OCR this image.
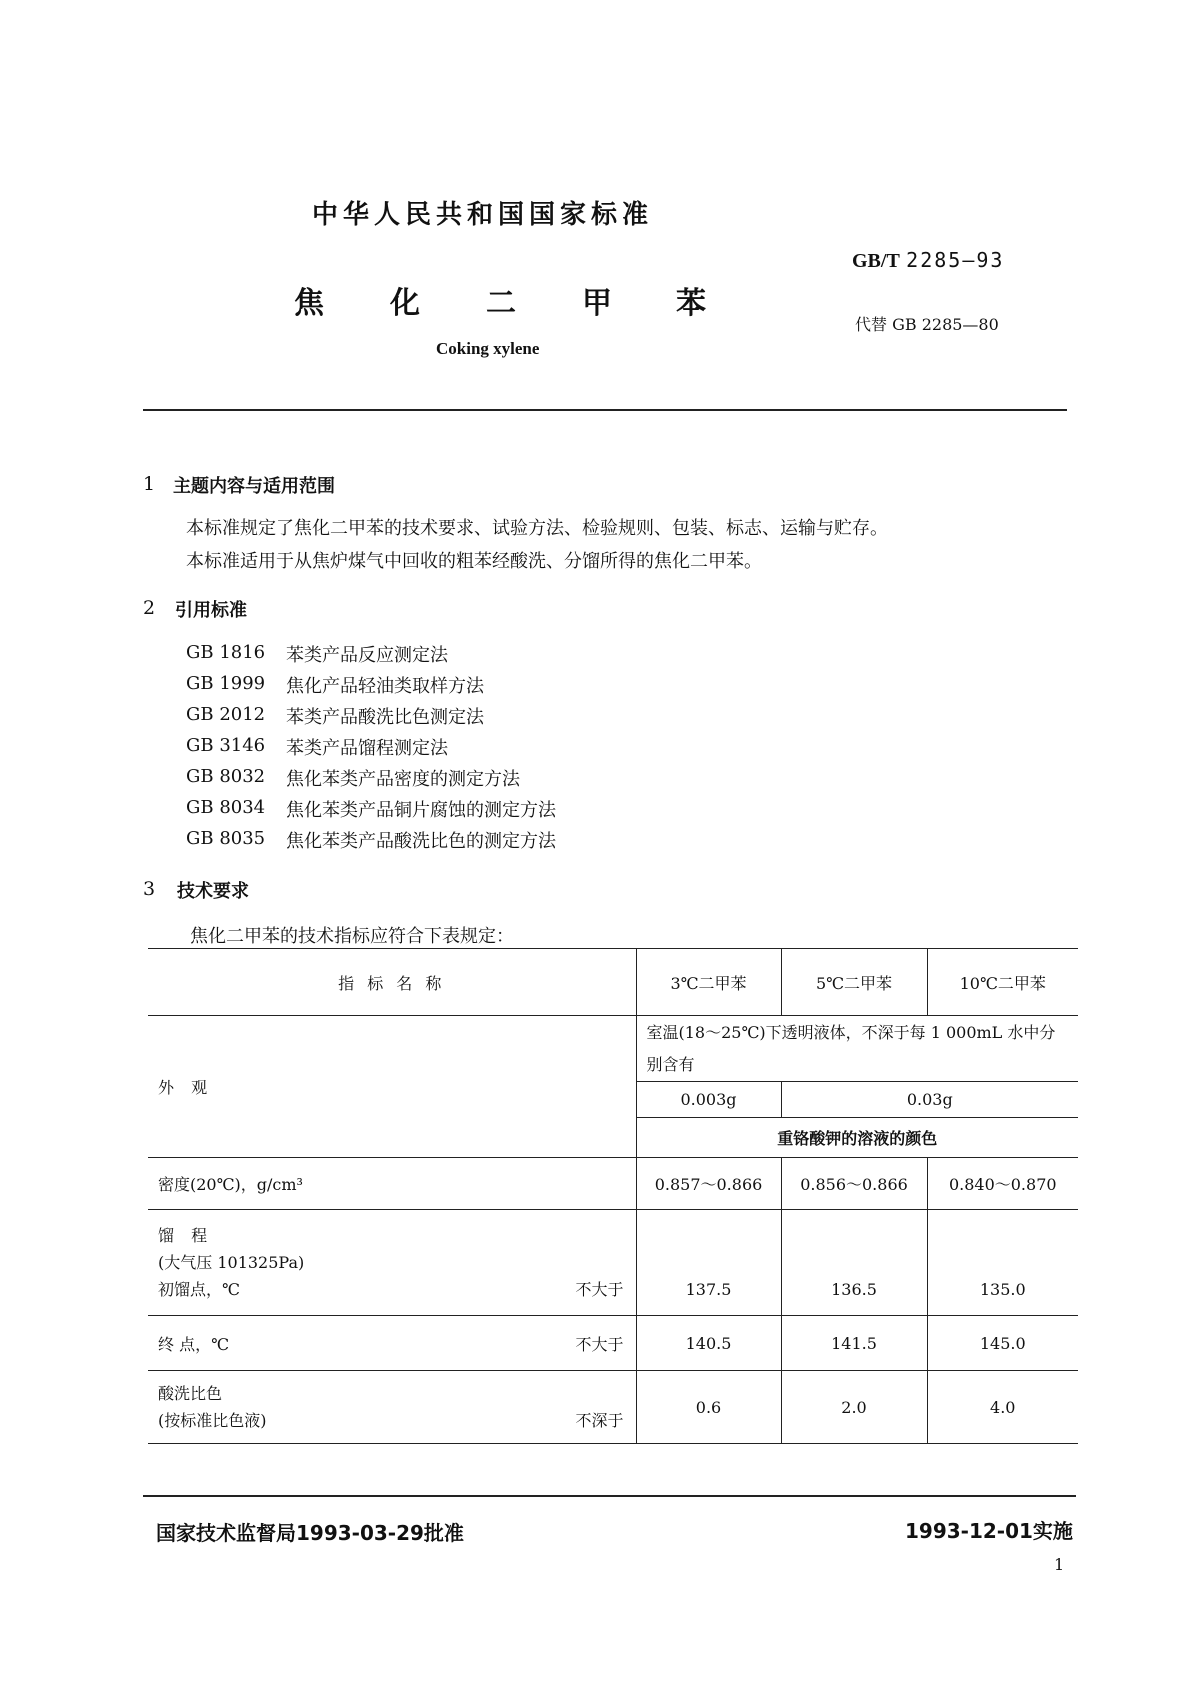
中华人民共和国国家标准
GB/T 2285—93
焦 化 二 甲 苯
代替 GB 2285—80
Coking xylene
1 主题内容与适用范围
本标准规定了焦化二甲苯的技术要求、试验方法、检验规则、包装、标志、运输与贮存。
本标准适用于从焦炉煤气中回收的粗苯经酸洗、分馏所得的焦化二甲苯。
2 引用标准
GB 1816 苯类产品反应测定法
GB 1999 焦化产品轻油类取样方法
GB 2012 苯类产品酸洗比色测定法
GB 3146 苯类产品馏程测定法
GB 8032 焦化苯类产品密度的测定方法
GB 8034 焦化苯类产品铜片腐蚀的测定方法
GB 8035 焦化苯类产品酸洗比色的测定方法
3 技术要求
焦化二甲苯的技术指标应符合下表规定：
指 标 名 称	3℃二甲苯	5℃二甲苯	10℃二甲苯
外 观	室温(18～25℃)下透明液体，不深于每 1 000mL 水中分别含有		
	0.003g	0.03g	
	重铬酸钾的溶液的颜色		
密度(20℃)，g/cm³	0.857～0.866	0.856～0.866	0.840～0.870

馏 程
(大气压 101325Pa)
初馏点，℃ 不大于	137.5	136.5	135.0
终 点，℃ 不大于	140.5	141.5	145.0

酸洗比色
(按标准比色液) 不深于	0.6	2.0	4.0
国家技术监督局1993-03-29批准	1993-12-01实施
1
